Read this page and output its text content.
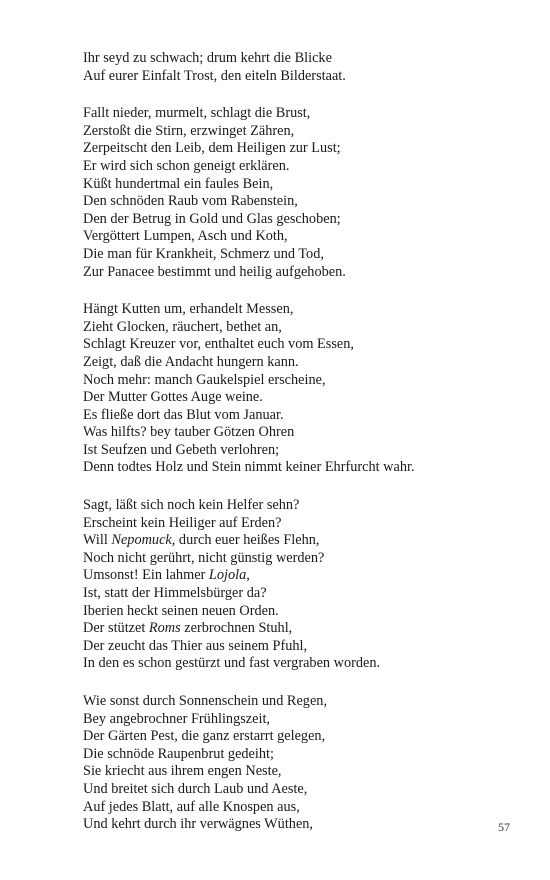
Ihr seyd zu schwach; drum kehrt die Blicke
Auf eurer Einfalt Trost, den eiteln Bilderstaat.
Fallt nieder, murmelt, schlagt die Brust,
Zerstoßt die Stirn, erzwinget Zähren,
Zerpeitscht den Leib, dem Heiligen zur Lust;
Er wird sich schon geneigt erklären.
Küßt hundertmal ein faules Bein,
Den schnöden Raub vom Rabenstein,
Den der Betrug in Gold und Glas geschoben;
Vergöttert Lumpen, Asch und Koth,
Die man für Krankheit, Schmerz und Tod,
Zur Panacee bestimmt und heilig aufgehoben.
Hängt Kutten um, erhandelt Messen,
Zieht Glocken, räuchert, bethet an,
Schlagt Kreuzer vor, enthaltet euch vom Essen,
Zeigt, daß die Andacht hungern kann.
Noch mehr: manch Gaukelspiel erscheine,
Der Mutter Gottes Auge weine.
Es fließe dort das Blut vom Januar.
Was hilfts? bey tauber Götzen Ohren
Ist Seufzen und Gebeth verlohren;
Denn todtes Holz und Stein nimmt keiner Ehrfurcht wahr.
Sagt, läßt sich noch kein Helfer sehn?
Erscheint kein Heiliger auf Erden?
Will Nepomuck, durch euer heißes Flehn,
Noch nicht gerührt, nicht günstig werden?
Umsonst! Ein lahmer Lojola,
Ist, statt der Himmelsbürger da?
Iberien heckt seinen neuen Orden.
Der stützet Roms zerbrochnen Stuhl,
Der zeucht das Thier aus seinem Pfuhl,
In den es schon gestürzt und fast vergraben worden.
Wie sonst durch Sonnenschein und Regen,
Bey angebrochner Frühlingszeit,
Der Gärten Pest, die ganz erstarrt gelegen,
Die schnöde Raupenbrut gedeiht;
Sie kriecht aus ihrem engen Neste,
Und breitet sich durch Laub und Aeste,
Auf jedes Blatt, auf alle Knospen aus,
Und kehrt durch ihr verwägnes Wüthen,	57
